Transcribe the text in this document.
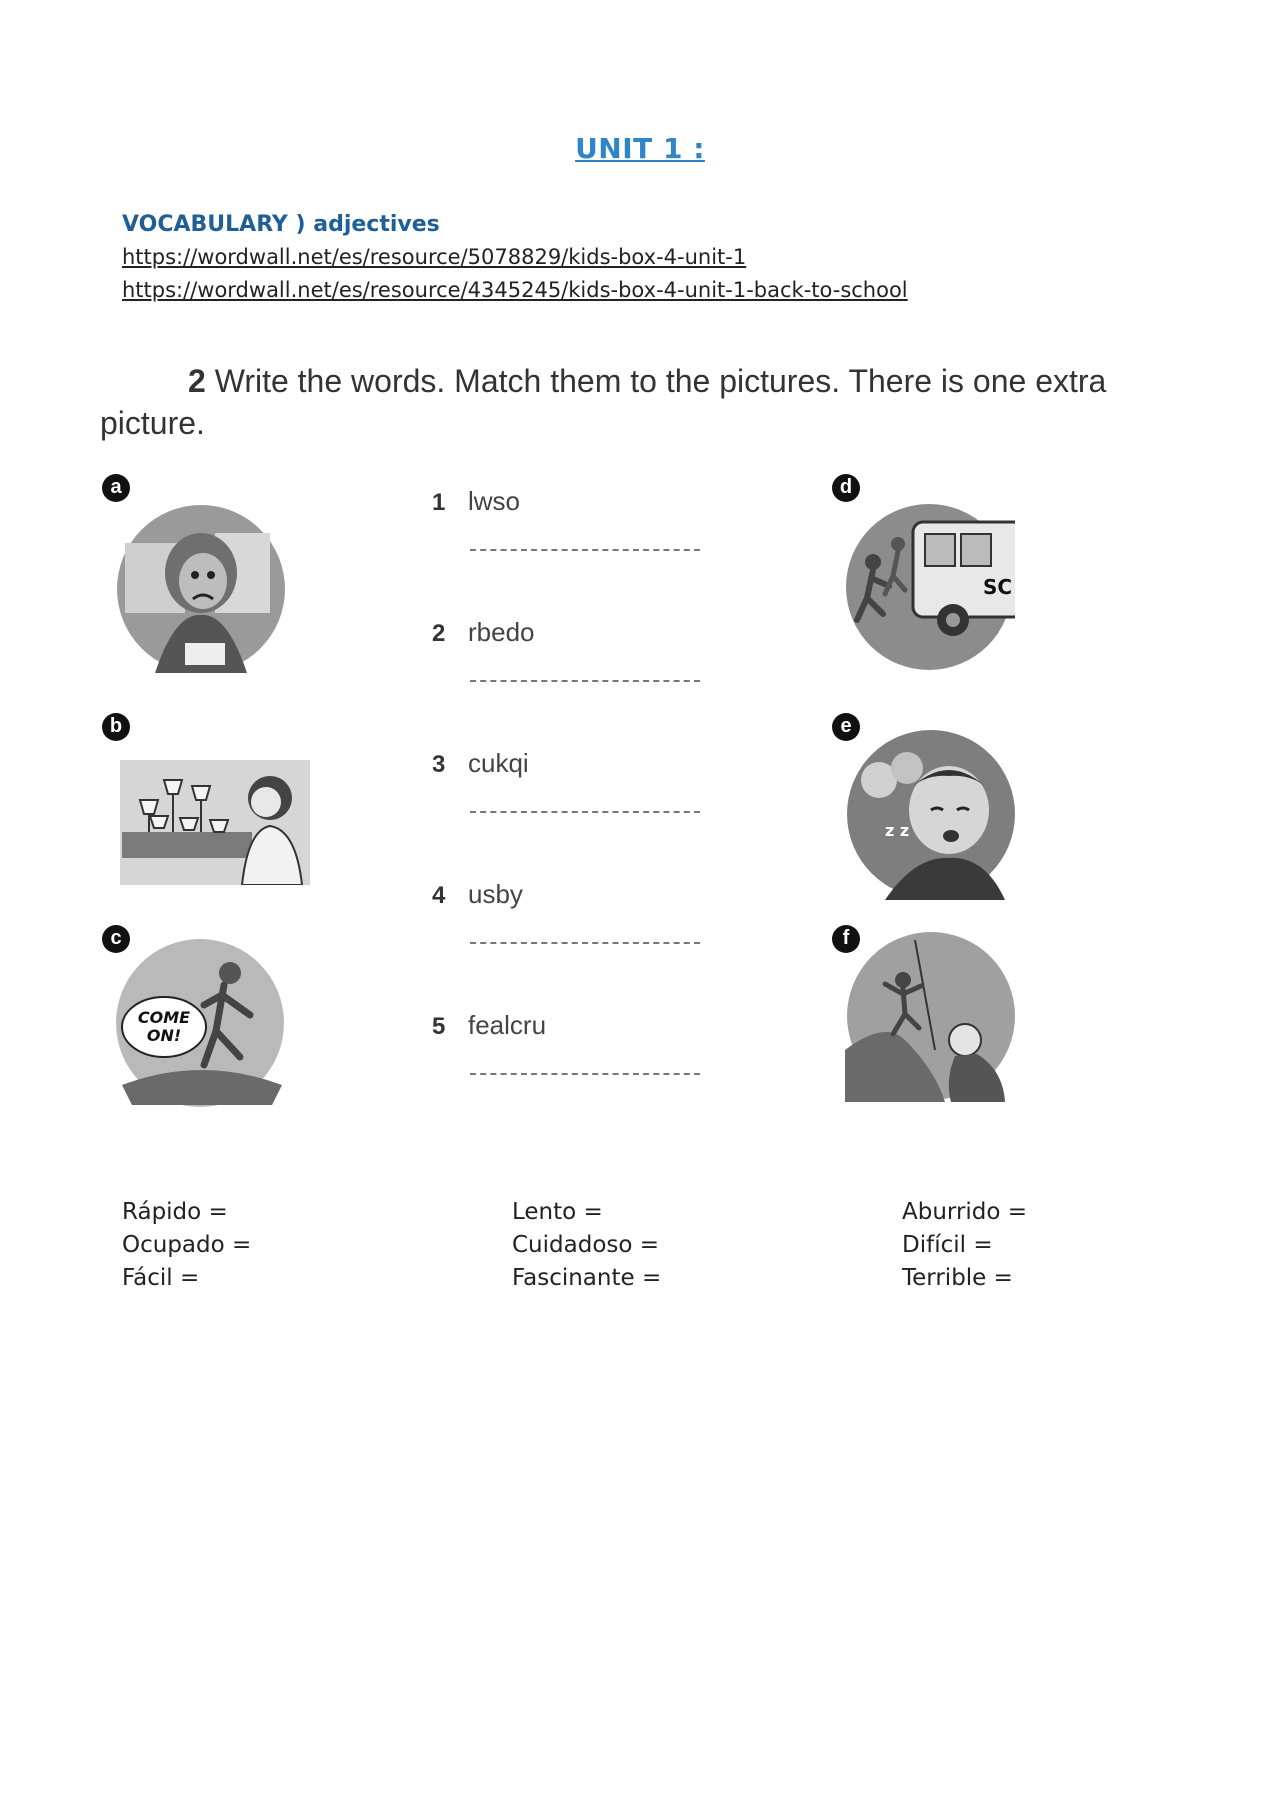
UNIT 1 :
VOCABULARY ) adjectives
https://wordwall.net/es/resource/5078829/kids-box-4-unit-1
https://wordwall.net/es/resource/4345245/kids-box-4-unit-1-back-to-school
2 Write the words. Match them to the pictures. There is one extra picture.
a
b
c
d
e
f
COME
ON!
SC
z z
1 lwso
2 rbedo
3 cukqi
4 usby
5 fealcru
Rápido =
Ocupado =
Fácil =
Lento =
Cuidadoso =
Fascinante =
Aburrido =
Difícil =
Terrible =
